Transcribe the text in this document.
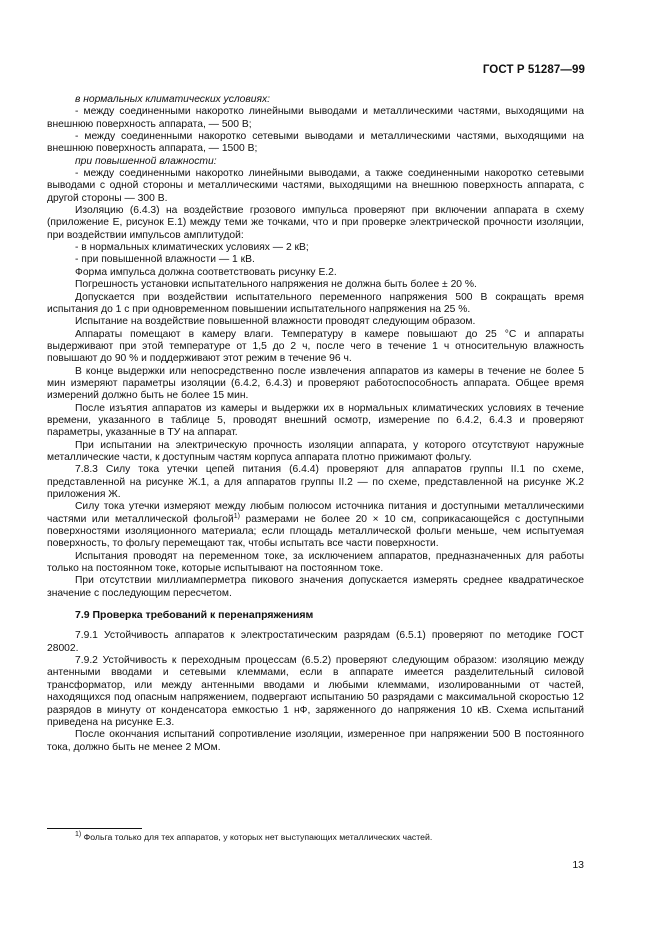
ГОСТ Р 51287—99

в нормальных климатических условиях:

- между соединенными накоротко линейными выводами и металлическими частями, выходящими на внешнюю поверхность аппарата, — 500 В;

- между соединенными накоротко сетевыми выводами и металлическими частями, выходящими на внешнюю поверхность аппарата, — 1500 В;

при повышенной влажности:

- между соединенными накоротко линейными выводами, а также соединенными накоротко сетевыми выводами с одной стороны и металлическими частями, выходящими на внешнюю поверхность аппарата, с другой стороны — 300 В.

Изоляцию (6.4.3) на воздействие грозового импульса проверяют при включении аппарата в схему (приложение Е, рисунок Е.1) между теми же точками, что и при проверке электрической прочности изоляции, при воздействии импульсов амплитудой:

- в нормальных климатических условиях — 2 кВ;

- при повышенной влажности — 1 кВ.

Форма импульса должна соответствовать рисунку Е.2.

Погрешность установки испытательного напряжения не должна быть более ± 20 %.

Допускается при воздействии испытательного переменного напряжения 500 В сокращать время испытания до 1 с при одновременном повышении испытательного напряжения на 25 %.

Испытание на воздействие повышенной влажности проводят следующим образом.

Аппараты помещают в камеру влаги. Температуру в камере повышают до 25 °С и аппараты выдерживают при этой температуре от 1,5 до 2 ч, после чего в течение 1 ч относительную влажность повышают до 90 % и поддерживают этот режим в течение 96 ч.

В конце выдержки или непосредственно после извлечения аппаратов из камеры в течение не более 5 мин измеряют параметры изоляции (6.4.2, 6.4.3) и проверяют работоспособность аппарата. Общее время измерений должно быть не более 15 мин.

После изъятия аппаратов из камеры и выдержки их в нормальных климатических условиях в течение времени, указанного в таблице 5, проводят внешний осмотр, измерение по 6.4.2, 6.4.3 и проверяют параметры, указанные в ТУ на аппарат.

При испытании на электрическую прочность изоляции аппарата, у которого отсутствуют наружные металлические части, к доступным частям корпуса аппарата плотно прижимают фольгу.

7.8.3 Силу тока утечки цепей питания (6.4.4) проверяют для аппаратов группы II.1 по схеме, представленной на рисунке Ж.1, а для аппаратов группы II.2 — по схеме, представленной на рисунке Ж.2 приложения Ж.

Силу тока утечки измеряют между любым полюсом источника питания и доступными металлическими частями или металлической фольгой$^{1)}$ размерами не более 20 × 10 см, соприкасающейся с доступными поверхностями изоляционного материала; если площадь металлической фольги меньше, чем испытуемая поверхность, то фольгу перемещают так, чтобы испытать все части поверхности.

Испытания проводят на переменном токе, за исключением аппаратов, предназначенных для работы только на постоянном токе, которые испытывают на постоянном токе.

При отсутствии миллиамперметра пикового значения допускается измерять среднее квадратическое значение с последующим пересчетом.

7.9 Проверка требований к перенапряжениям

7.9.1 Устойчивость аппаратов к электростатическим разрядам (6.5.1) проверяют по методике ГОСТ 28002.

7.9.2 Устойчивость к переходным процессам (6.5.2) проверяют следующим образом: изоляцию между антенными вводами и сетевыми клеммами, если в аппарате имеется разделительный силовой трансформатор, или между антенными вводами и любыми клеммами, изолированными от частей, находящихся под опасным напряжением, подвергают испытанию 50 разрядами с максимальной скоростью 12 разрядов в минуту от конденсатора емкостью 1 нФ, заряженного до напряжения 10 кВ. Схема испытаний приведена на рисунке Е.3.

После окончания испытаний сопротивление изоляции, измеренное при напряжении 500 В постоянного тока, должно быть не менее 2 МОм.

$^{1)}$ Фольга только для тех аппаратов, у которых нет выступающих металлических частей.
13
